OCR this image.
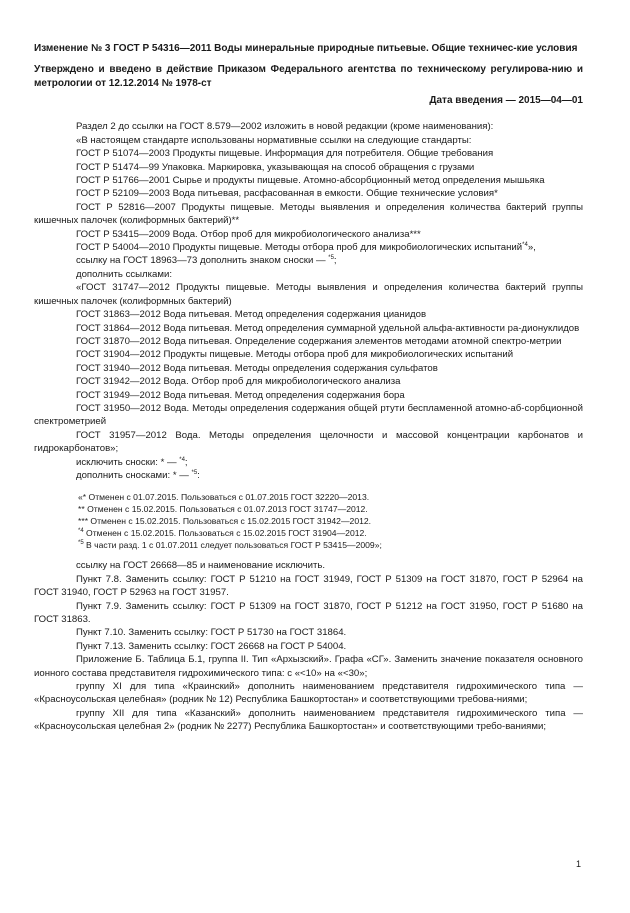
Изменение № 3 ГОСТ Р 54316—2011 Воды минеральные природные питьевые. Общие техничес-кие условия

Утверждено и введено в действие Приказом Федерального агентства по техническому регулирова-нию и метрологии от 12.12.2014 № 1978-ст

Дата введения — 2015—04—01

Раздел 2 до ссылки на ГОСТ 8.579—2002 изложить в новой редакции (кроме наименования):

«В настоящем стандарте использованы нормативные ссылки на следующие стандарты:

ГОСТ Р 51074—2003 Продукты пищевые. Информация для потребителя. Общие требования

ГОСТ Р 51474—99 Упаковка. Маркировка, указывающая на способ обращения с грузами

ГОСТ Р 51766—2001 Сырье и продукты пищевые. Атомно-абсорбционный метод определения мышьяка

ГОСТ Р 52109—2003 Вода питьевая, расфасованная в емкости. Общие технические условия*

ГОСТ Р 52816—2007 Продукты пищевые. Методы выявления и определения количества бактерий группы кишечных палочек (колиформных бактерий)**

ГОСТ Р 53415—2009 Вода. Отбор проб для микробиологического анализа***

ГОСТ Р 54004—2010 Продукты пищевые. Методы отбора проб для микробиологических испытаний$^{*4}$»,

ссылку на ГОСТ 18963—73 дополнить знаком сноски — $^{*5}$;

дополнить ссылками:

«ГОСТ 31747—2012 Продукты пищевые. Методы выявления и определения количества бактерий группы кишечных палочек (колиформных бактерий)

ГОСТ 31863—2012 Вода питьевая. Метод определения содержания цианидов

ГОСТ 31864—2012 Вода питьевая. Метод определения суммарной удельной альфа-активности ра-дионуклидов

ГОСТ 31870—2012 Вода питьевая. Определение содержания элементов методами атомной спектро-метрии

ГОСТ 31904—2012 Продукты пищевые. Методы отбора проб для микробиологических испытаний

ГОСТ 31940—2012 Вода питьевая. Методы определения содержания сульфатов

ГОСТ 31942—2012 Вода. Отбор проб для микробиологического анализа

ГОСТ 31949—2012 Вода питьевая. Метод определения содержания бора

ГОСТ 31950—2012 Вода. Методы определения содержания общей ртути беспламенной атомно-аб-сорбционной спектрометрией

ГОСТ 31957—2012 Вода. Методы определения щелочности и массовой концентрации карбонатов и гидрокарбонатов»;

исключить сноски: * — $^{*4}$;

дополнить сносками: * — $^{*5}$:

«* Отменен с 01.07.2015. Пользоваться с 01.07.2015 ГОСТ 32220—2013.

** Отменен с 15.02.2015. Пользоваться с 01.07.2013 ГОСТ 31747—2012.

*** Отменен с 15.02.2015. Пользоваться с 15.02.2015 ГОСТ 31942—2012.

$^{*4}$ Отменен с 15.02.2015. Пользоваться с 15.02.2015 ГОСТ 31904—2012.

$^{*5}$ В части разд. 1 с 01.07.2011 следует пользоваться ГОСТ Р 53415—2009»;

ссылку на ГОСТ 26668—85 и наименование исключить.

Пункт 7.8. Заменить ссылку: ГОСТ Р 51210 на ГОСТ 31949, ГОСТ Р 51309 на ГОСТ 31870, ГОСТ Р 52964 на ГОСТ 31940, ГОСТ Р 52963 на ГОСТ 31957.

Пункт 7.9. Заменить ссылку: ГОСТ Р 51309 на ГОСТ 31870, ГОСТ Р 51212 на ГОСТ 31950, ГОСТ Р 51680 на ГОСТ 31863.

Пункт 7.10. Заменить ссылку: ГОСТ Р 51730 на ГОСТ 31864.

Пункт 7.13. Заменить ссылку: ГОСТ 26668 на ГОСТ Р 54004.

Приложение Б. Таблица Б.1, группа II. Тип «Архызский». Графа «СГ». Заменить значение показателя основного ионного состава представителя гидрохимического типа: с «<10» на «<30»;

группу XI для типа «Краинский» дополнить наименованием представителя гидрохимического типа — «Красноусольская целебная» (родник № 12) Республика Башкортостан» и соответствующими требова-ниями;

группу XII для типа «Казанский» дополнить наименованием представителя гидрохимического типа — «Красноусольская целебная 2» (родник № 2277) Республика Башкортостан» и соответствующими требо-ваниями;

1
